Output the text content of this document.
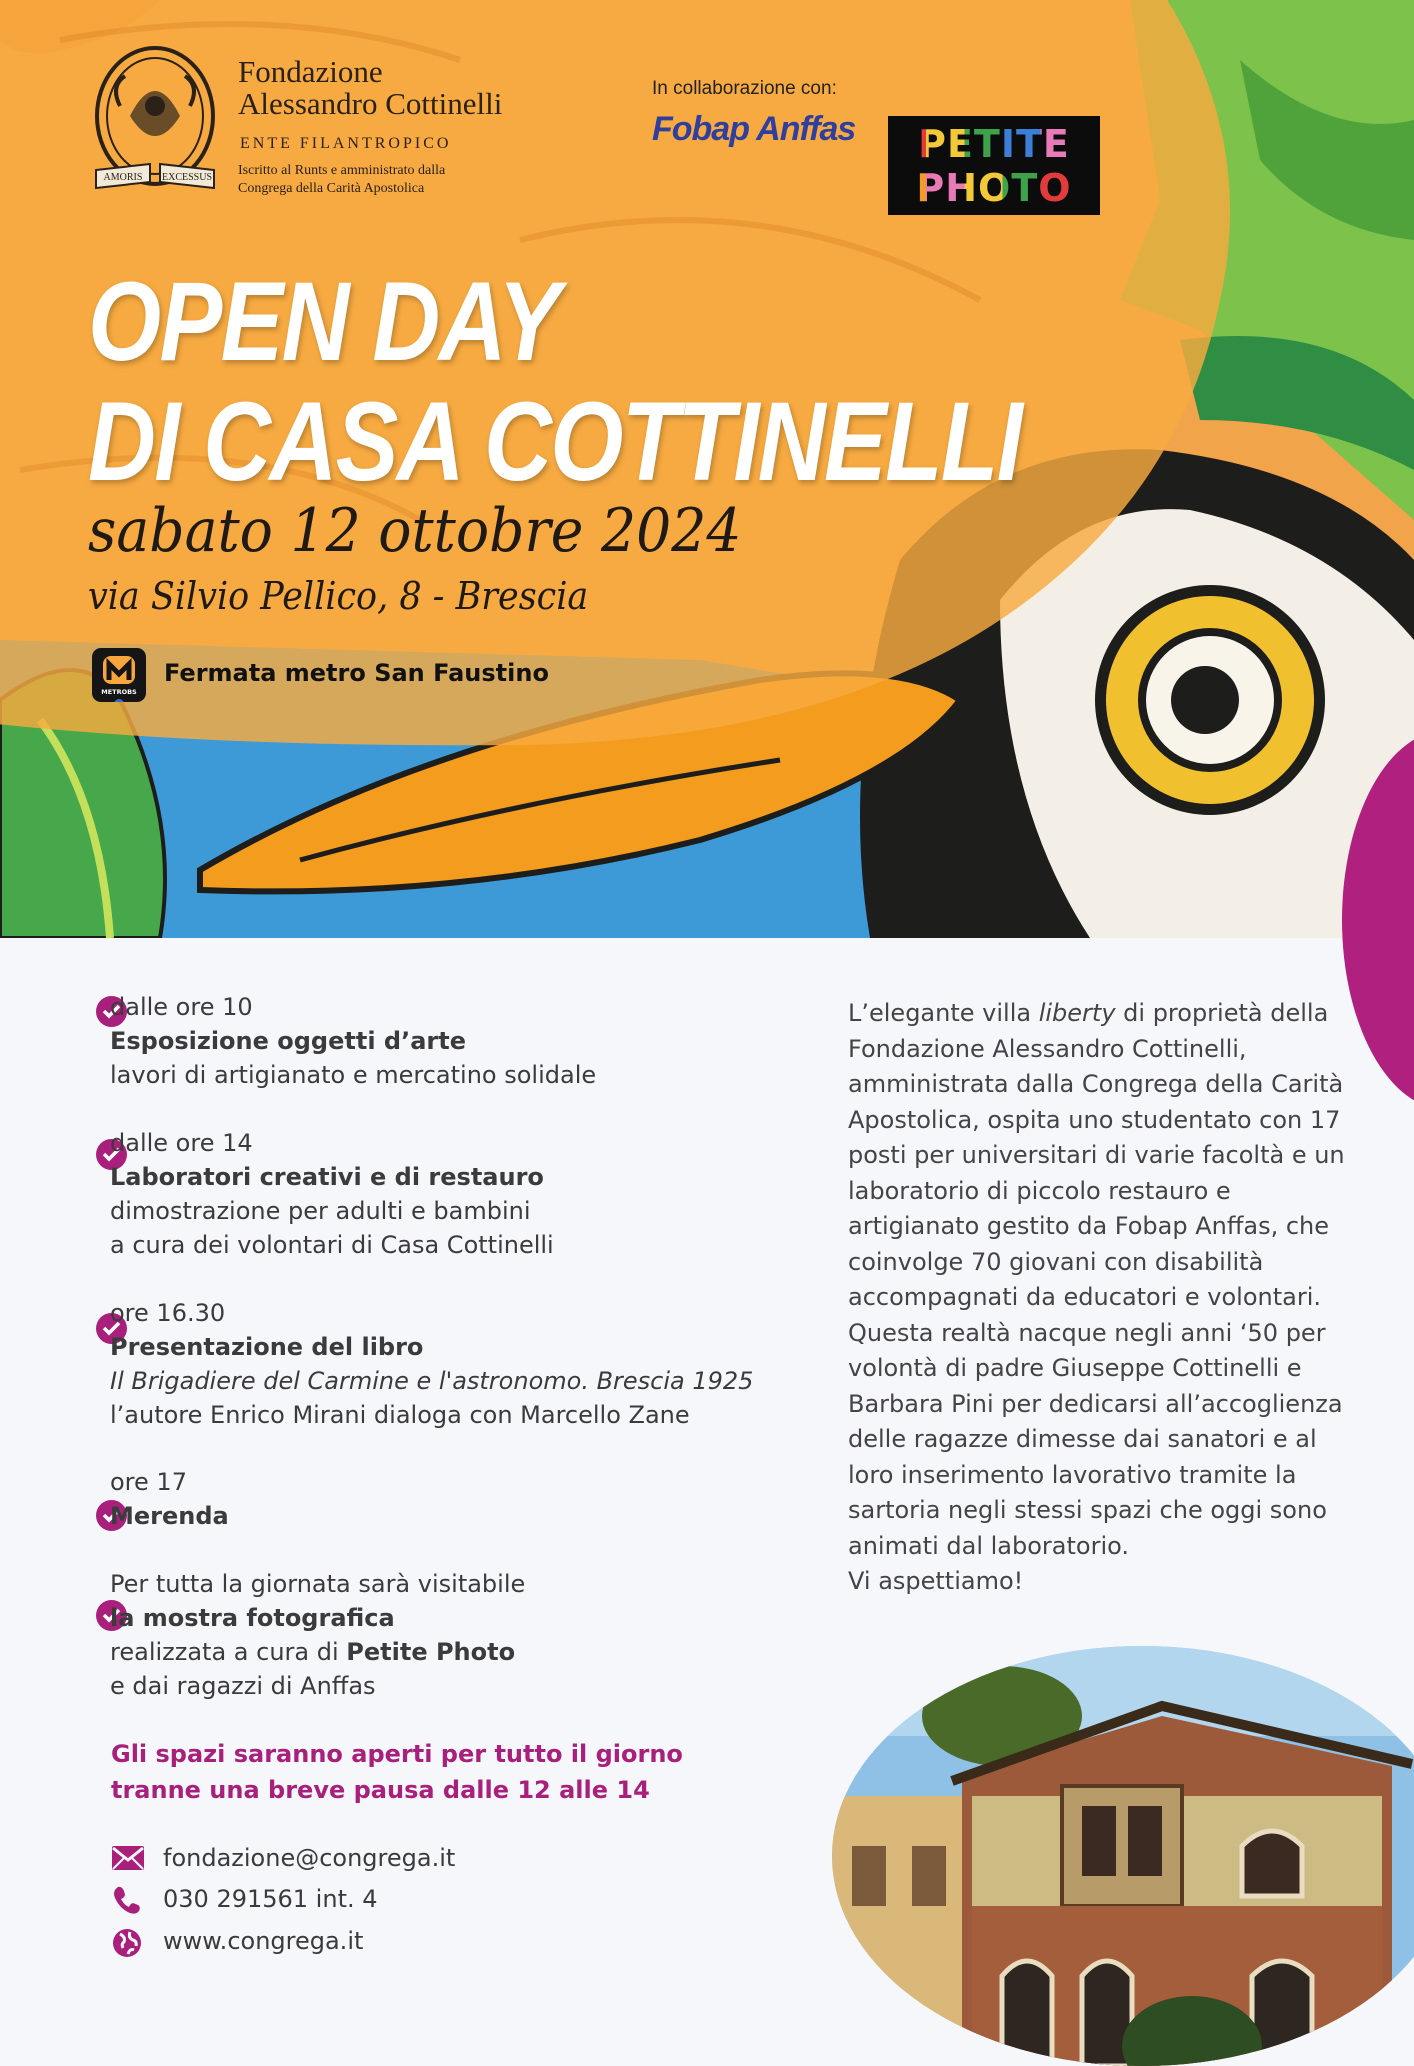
AMORIS EXCESSUS
Fondazione
Alessandro Cottinelli
ENTE FILANTROPICO
Iscritto al Runts e amministrato dalla
Congrega della Carità Apostolica
In collaborazione con:
Fobap Anffas	PETITE
PHOTO
OPEN DAY
DI CASA COTTINELLI
sabato 12 ottobre 2024
via Silvio Pellico, 8 - Brescia
METROBS
Fermata metro San Faustino
dalle ore 10
Esposizione oggetti d’arte
lavori di artigianato e mercatino solidale
dalle ore 14
Laboratori creativi e di restauro
dimostrazione per adulti e bambini
a cura dei volontari di Casa Cottinelli
ore 16.30
Presentazione del libro
Il Brigadiere del Carmine e l'astronomo. Brescia 1925
l’autore Enrico Mirani dialoga con Marcello Zane
ore 17
Merenda
Per tutta la giornata sarà visitabile
la mostra fotografica
realizzata a cura di Petite Photo
e dai ragazzi di Anffas
Gli spazi saranno aperti per tutto il giorno
tranne una breve pausa dalle 12 alle 14
fondazione@congrega.it
030 291561 int. 4
www.congrega.it
L’elegante villa liberty di proprietà della Fondazione Alessandro Cottinelli, amministrata dalla Congrega della Carità Apostolica, ospita uno studentato con 17 posti per universitari di varie facoltà e un laboratorio di piccolo restauro e artigianato gestito da Fobap Anffas, che coinvolge 70 giovani con disabilità accompagnati da educatori e volontari.
Questa realtà nacque negli anni ‘50 per volontà di padre Giuseppe Cottinelli e Barbara Pini per dedicarsi all’accoglienza delle ragazze dimesse dai sanatori e al loro inserimento lavorativo tramite la sartoria negli stessi spazi che oggi sono animati dal laboratorio.
Vi aspettiamo!
